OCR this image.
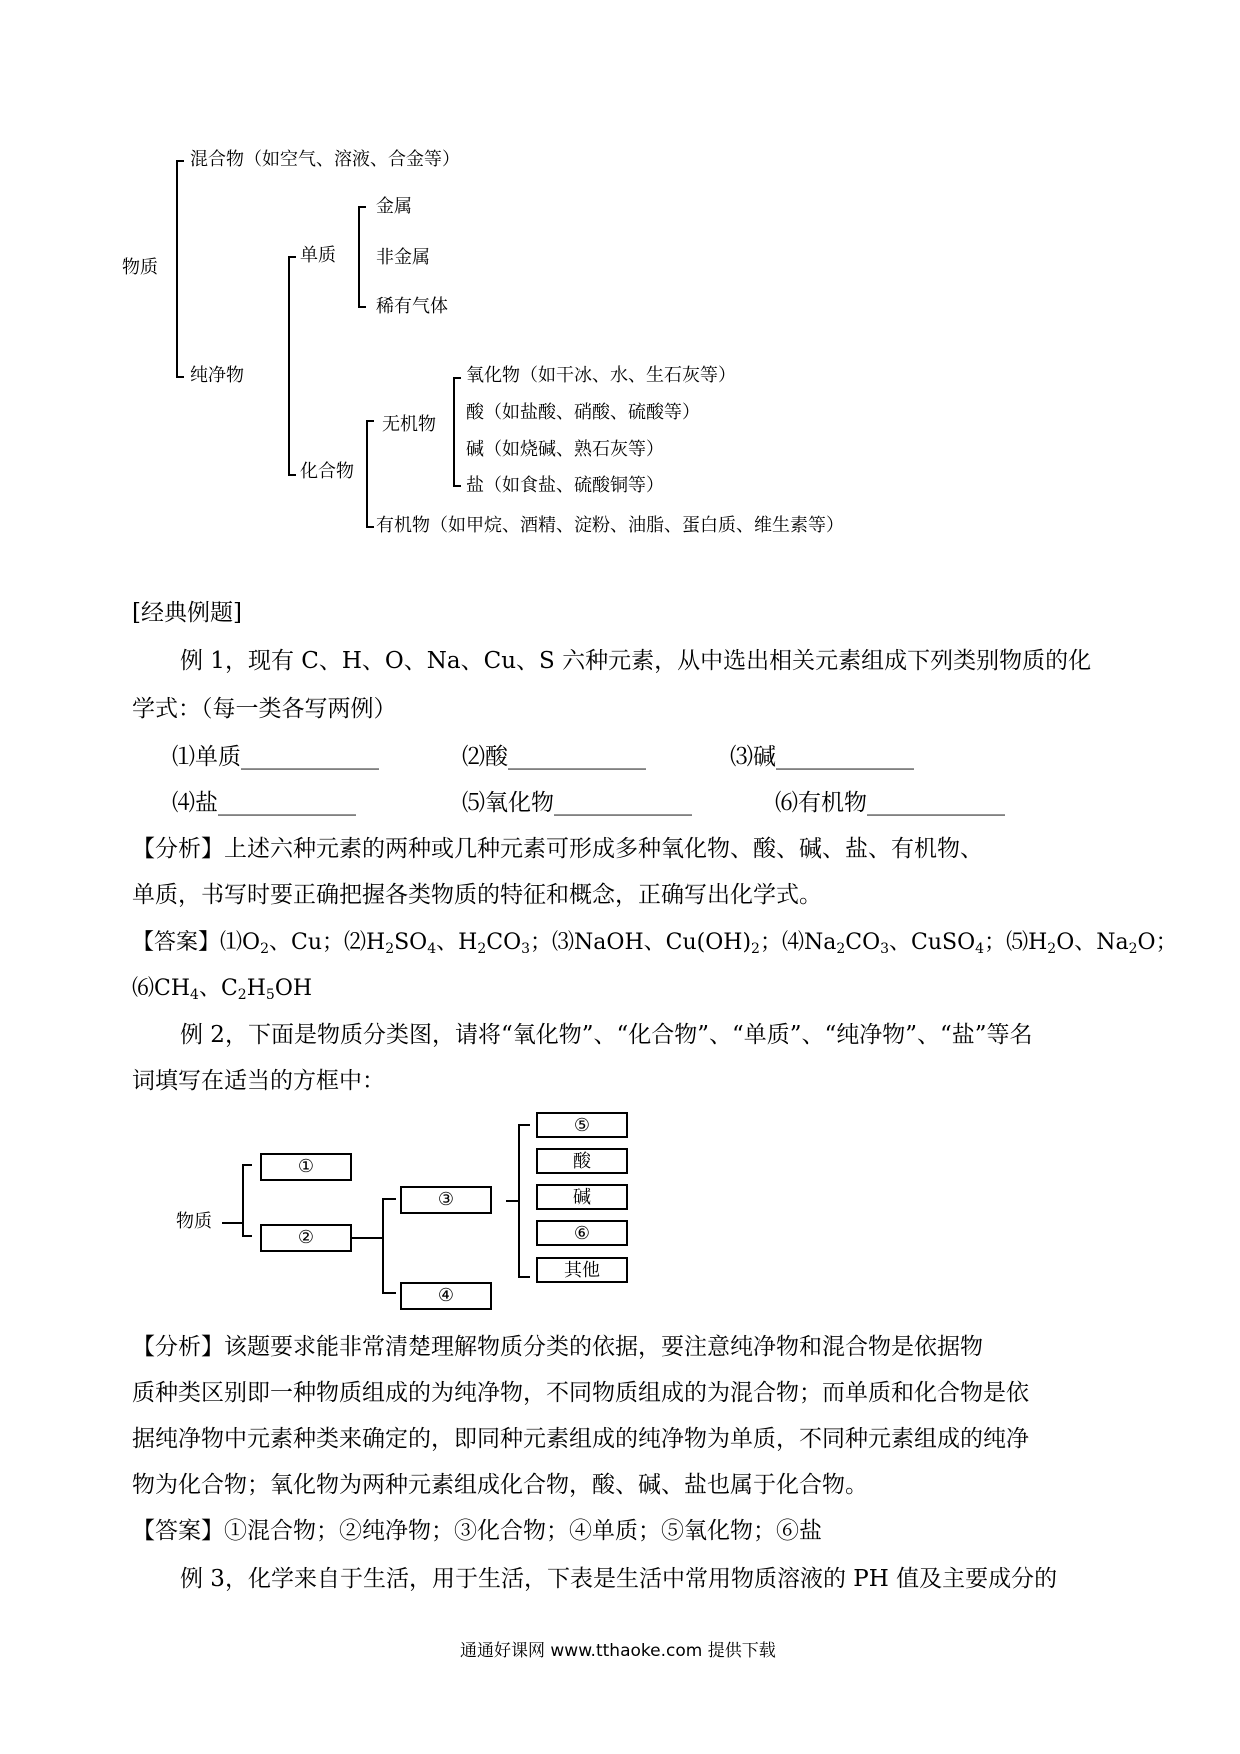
物质
混合物（如空气、溶液、合金等）
纯净物
单质
化合物
金属
非金属
稀有气体
无机物
有机物（如甲烷、酒精、淀粉、油脂、蛋白质、维生素等）
氧化物（如干冰、水、生石灰等）
酸（如盐酸、硝酸、硫酸等）
碱（如烧碱、熟石灰等）
盐（如食盐、硫酸铜等）
[经典例题]
例 1，现有 C、H、O、Na、Cu、S 六种元素，从中选出相关元素组成下列类别物质的化
学式：（每一类各写两例）
⑴单质____________	⑵酸____________	⑶碱____________
⑷盐____________	⑸氧化物____________	⑹有机物____________
【分析】上述六种元素的两种或几种元素可形成多种氧化物、酸、碱、盐、有机物、
单质，书写时要正确把握各类物质的特征和概念，正确写出化学式。
【答案】$⑴O_2$、Cu；$⑵H_2SO_4$、$H_2CO_3$；⑶NaOH、$Cu(OH)_2$；$⑷Na_2CO_3$、CuSO$_4$；$⑸H_2O$、$Na_2O$；
$⑹CH_4$、$C_2H_5OH$
例 2，下面是物质分类图，请将“氧化物”、“化合物”、“单质”、“纯净物”、“盐”等名
词填写在适当的方框中：
物质
①
②
③
④
⑤
酸
碱
⑥
其他
【分析】该题要求能非常清楚理解物质分类的依据，要注意纯净物和混合物是依据物
质种类区别即一种物质组成的为纯净物，不同物质组成的为混合物；而单质和化合物是依
据纯净物中元素种类来确定的，即同种元素组成的纯净物为单质，不同种元素组成的纯净
物为化合物；氧化物为两种元素组成化合物，酸、碱、盐也属于化合物。
【答案】①混合物；②纯净物；③化合物；④单质；⑤氧化物；⑥盐
例 3，化学来自于生活，用于生活，下表是生活中常用物质溶液的 PH 值及主要成分的
通通好课网 www.tthaoke.com 提供下载
